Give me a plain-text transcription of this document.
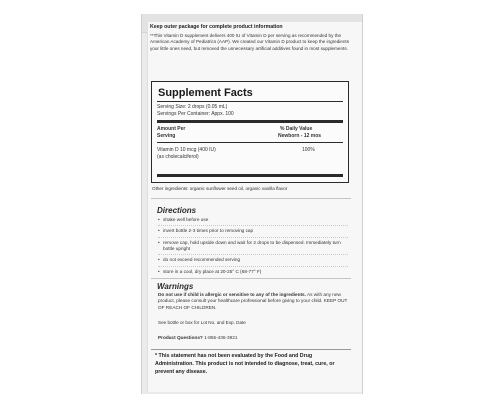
Keep outer package for complete product information
**This Vitamin D supplement delivers 400 IU of Vitamin D per serving as recommended by the American Academy of Pediatrics (AAP). We created our Vitamin D product to keep the ingredients your little ones need, but removed the unnecessary artificial additives found in most supplements.
Supplement Facts
Serving Size: 2 drops (0.05 mL)
Servings Per Container: Appx. 100
Amount Per
Serving
% Daily Value
Newborn - 12 mos
Vitamin D 10 mcg (400 IU)
(as cholecalciferol)
100%
Other ingredients: organic sunflower seed oil, organic vanilla flavor
Directions
• shake well before use
• invert bottle 2-3 times prior to removing cap
• remove cap, hold upside down and wait for 2 drops to be dispensed. Immediately turn bottle upright
• do not exceed recommended serving
• store in a cool, dry place at 20-25° C (68-77° F)
Warnings
Do not use if child is allergic or sensitive to any of the ingredients. As with any new product, please consult your healthcare professional before giving to your child. KEEP OUT OF REACH OF CHILDREN.
See bottle or box for Lot No. and Exp. Date
Product Questions? 1-855-436-3921
* This statement has not been evaluated by the Food and Drug Administration. This product is not intended to diagnose, treat, cure, or prevent any disease.
